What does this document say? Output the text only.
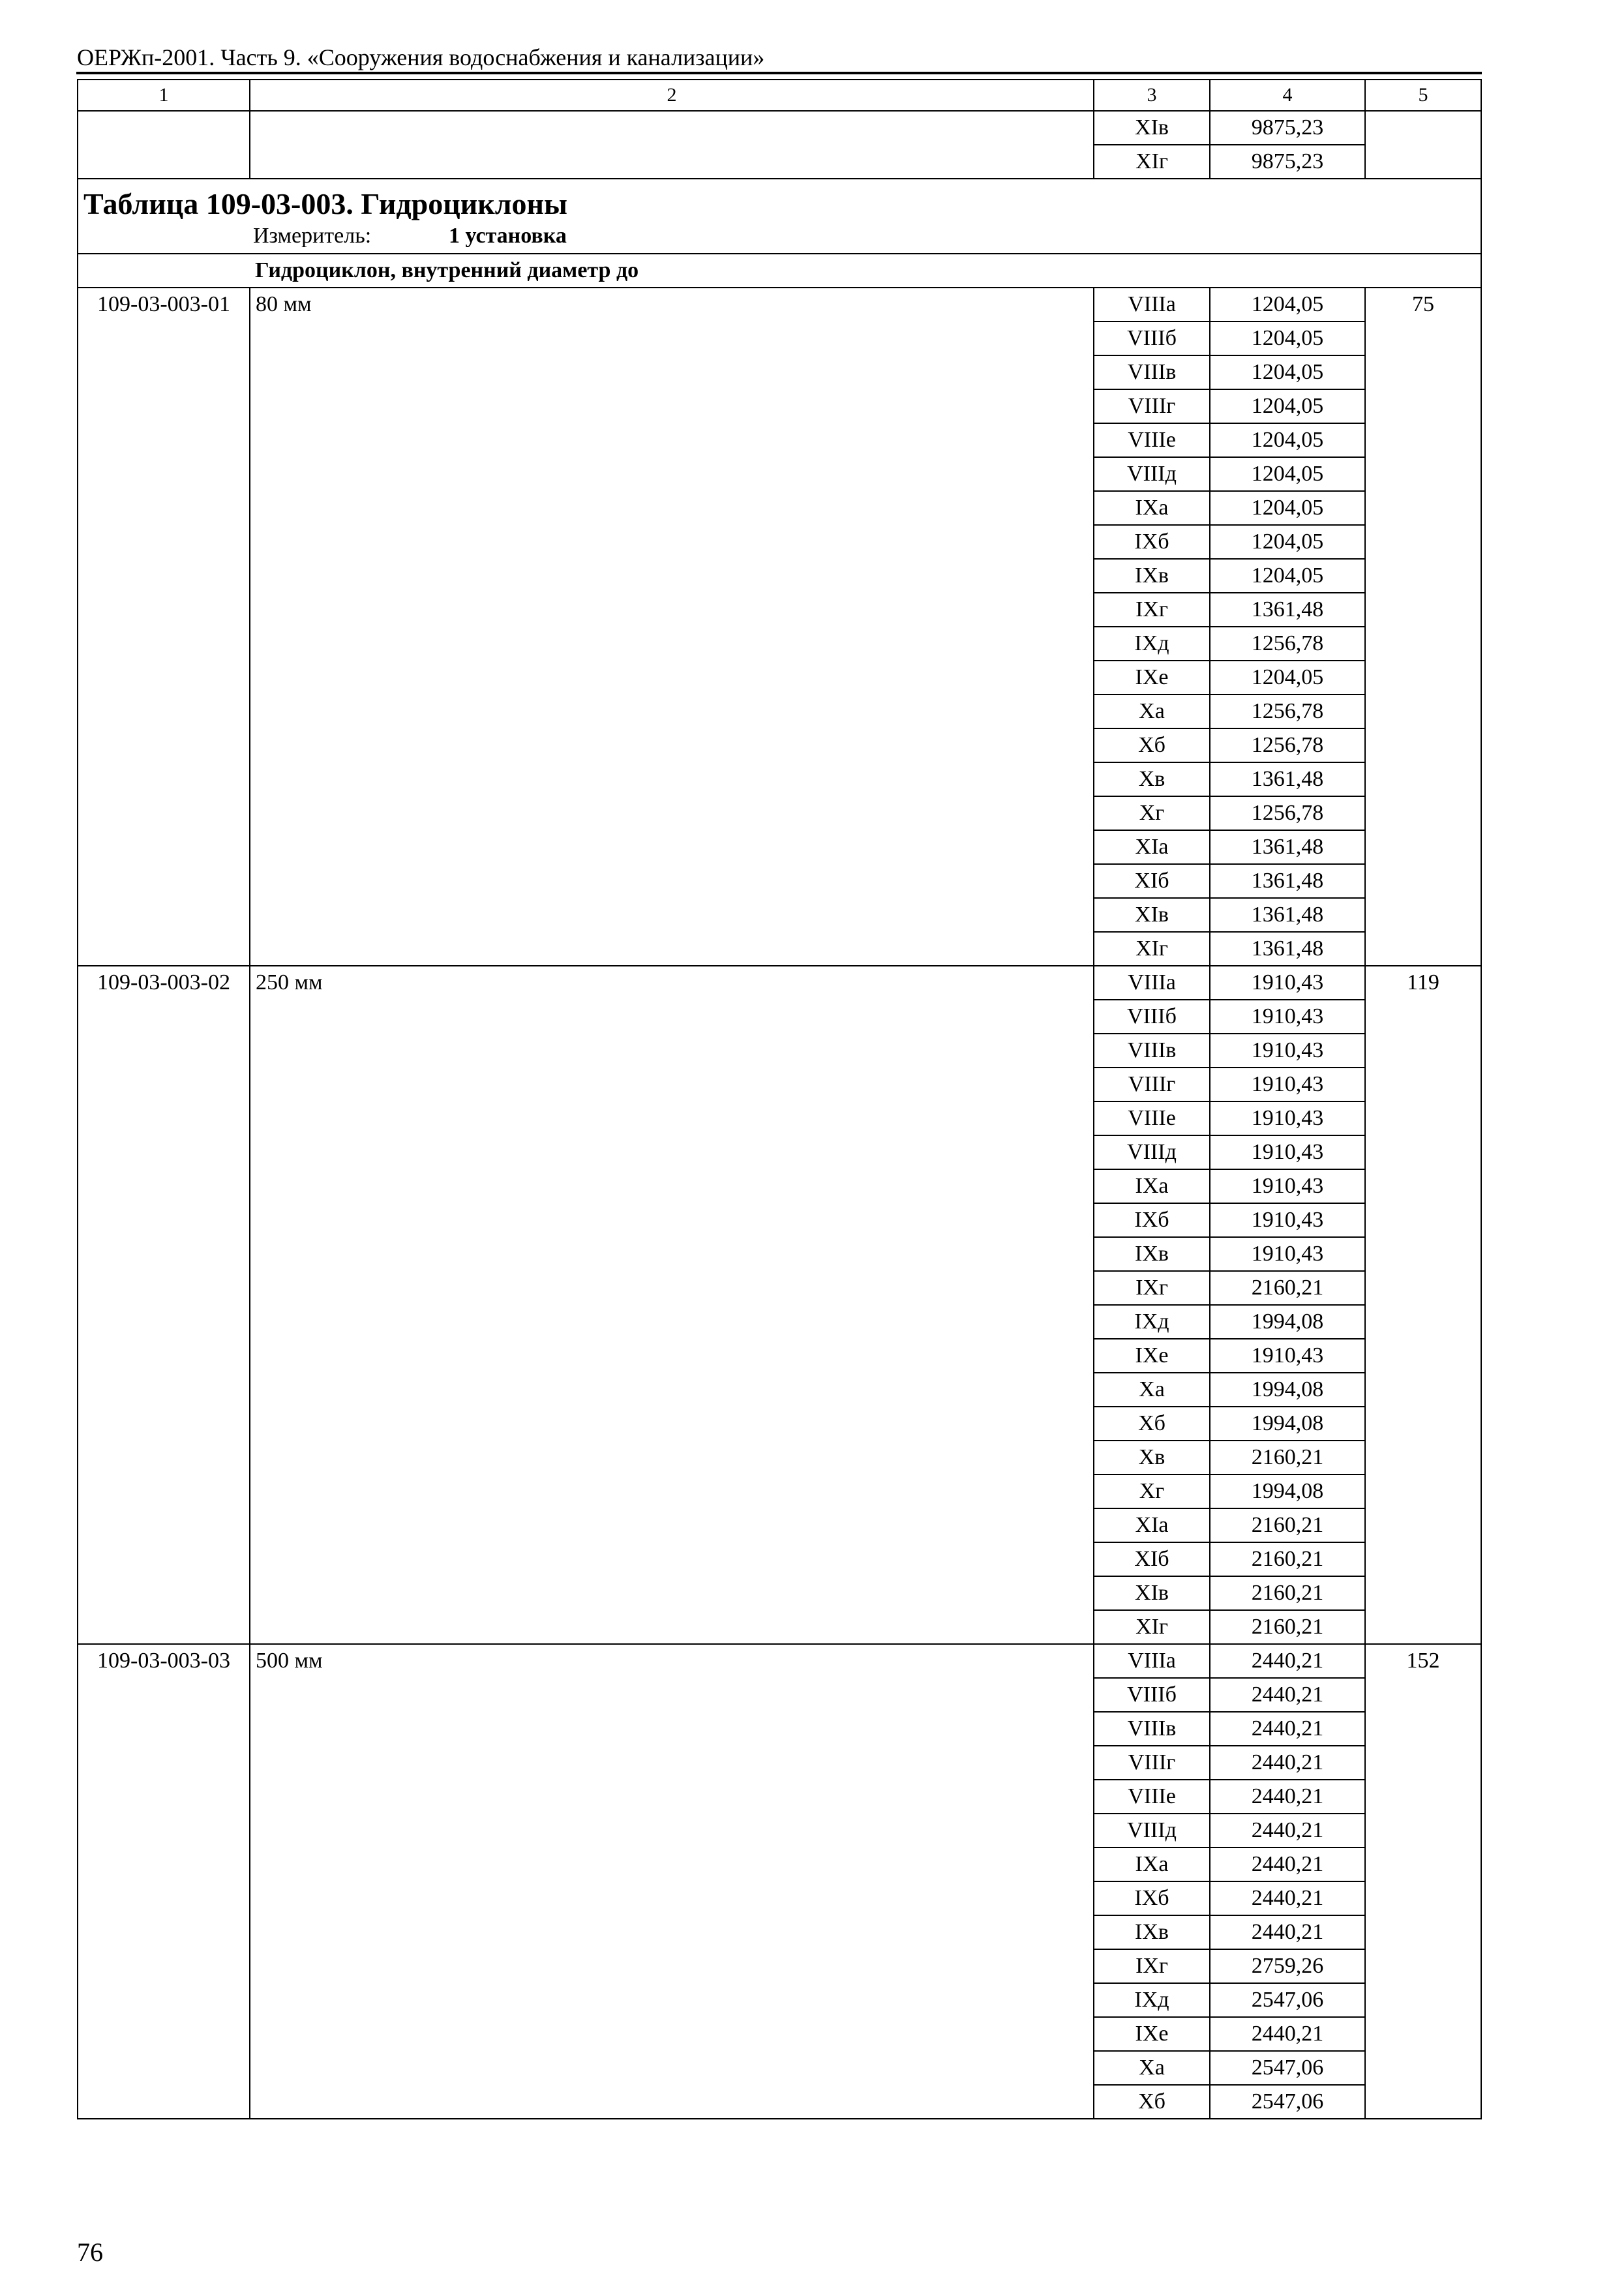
ОЕРЖп-2001. Часть 9. «Сооружения водоснабжения и канализации»
1	2	3	4	5
		XIв	9875,23	
		XIг	9875,23	

Таблица 109-03-003. Гидроциклоны
Измеритель: 1 установка				

	Гидроциклон, внутренний диаметр до			
109-03-003-01	80 мм	VIIIа	1204,05	75
		VIIIб	1204,05	
		VIIIв	1204,05	
		VIIIг	1204,05	
		VIIIе	1204,05	
		VIIIд	1204,05	
		IXа	1204,05	
		IXб	1204,05	
		IXв	1204,05	
		IXг	1361,48	
		IXд	1256,78	
		IXе	1204,05	
		Xа	1256,78	
		Xб	1256,78	
		Xв	1361,48	
		Xг	1256,78	
		XIа	1361,48	
		XIб	1361,48	
		XIв	1361,48	
		XIг	1361,48	
109-03-003-02	250 мм	VIIIа	1910,43	119
		VIIIб	1910,43	
		VIIIв	1910,43	
		VIIIг	1910,43	
		VIIIе	1910,43	
		VIIIд	1910,43	
		IXа	1910,43	
		IXб	1910,43	
		IXв	1910,43	
		IXг	2160,21	
		IXд	1994,08	
		IXе	1910,43	
		Xа	1994,08	
		Xб	1994,08	
		Xв	2160,21	
		Xг	1994,08	
		XIа	2160,21	
		XIб	2160,21	
		XIв	2160,21	
		XIг	2160,21	
109-03-003-03	500 мм	VIIIа	2440,21	152
		VIIIб	2440,21	
		VIIIв	2440,21	
		VIIIг	2440,21	
		VIIIе	2440,21	
		VIIIд	2440,21	
		IXа	2440,21	
		IXб	2440,21	
		IXв	2440,21	
		IXг	2759,26	
		IXд	2547,06	
		IXе	2440,21	
		Xа	2547,06	
		Xб	2547,06	
76
